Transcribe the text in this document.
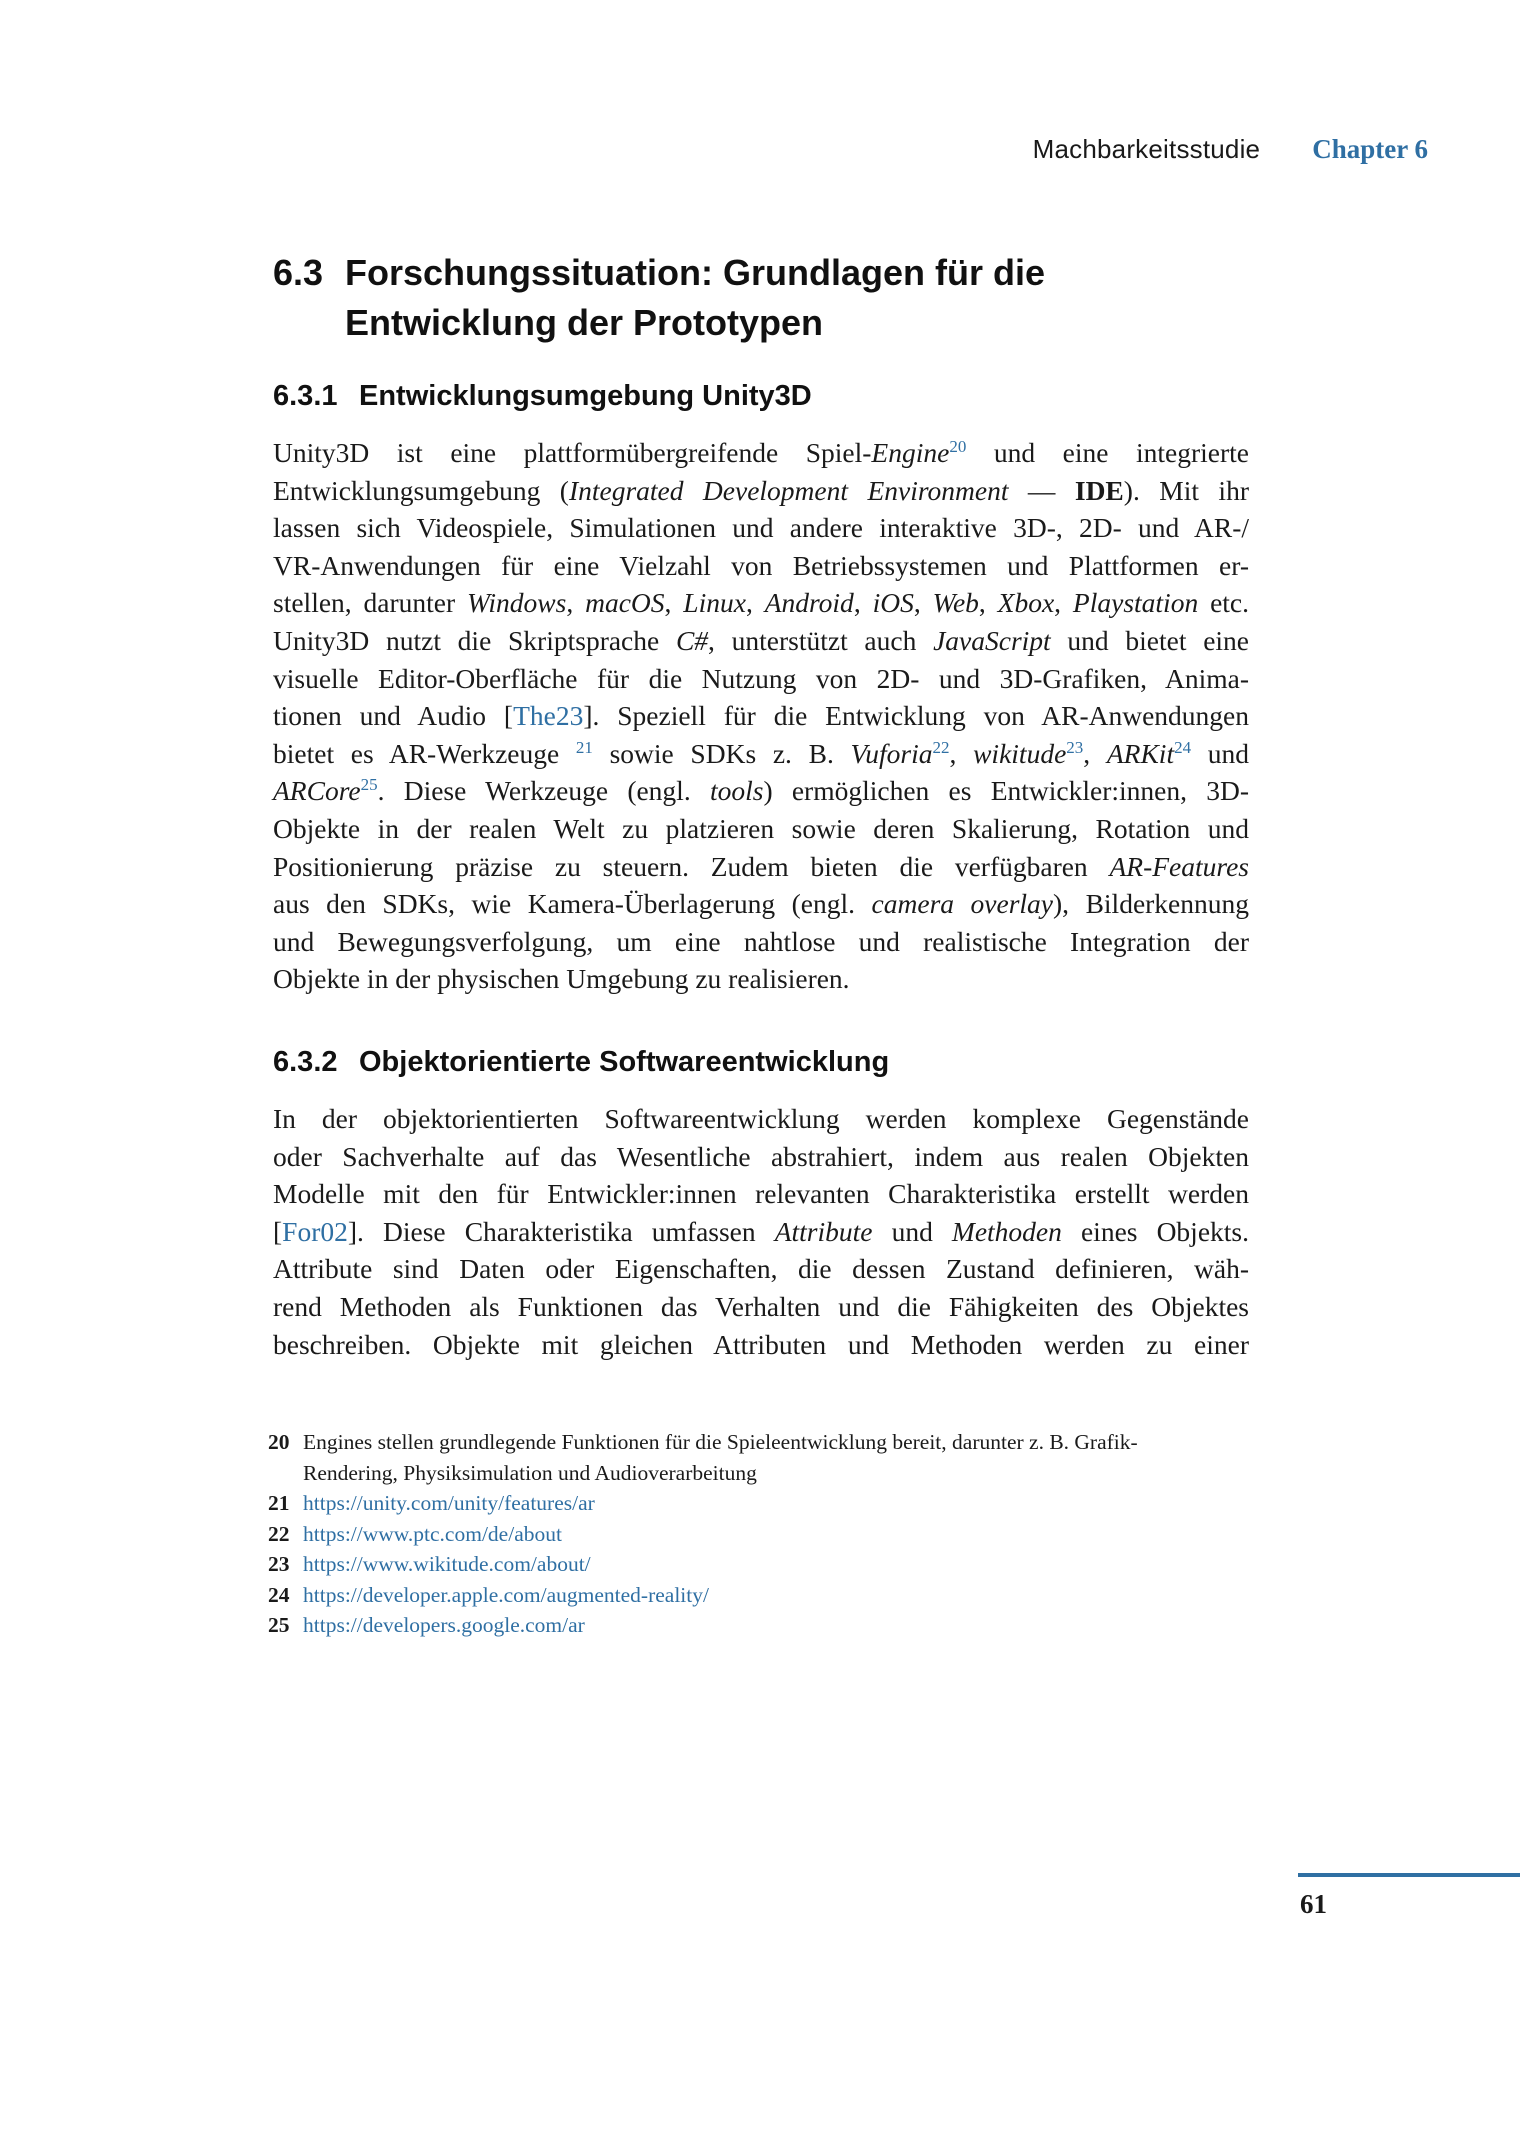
Machbarkeitsstudie Chapter 6
6.3 Forschungssituation: Grundlagen für die
Entwicklung der Prototypen
6.3.1 Entwicklungsumgebung Unity3D
Unity3D ist eine plattformübergreifende Spiel-Engine$^{20}$ und eine integrierte
Entwicklungsumgebung (Integrated Development Environment — IDE). Mit ihr
lassen sich Videospiele, Simulationen und andere interaktive 3D-, 2D- und AR-/
VR-Anwendungen für eine Vielzahl von Betriebssystemen und Plattformen er-
stellen, darunter Windows, macOS, Linux, Android, iOS, Web, Xbox, Playstation etc.
Unity3D nutzt die Skriptsprache C#, unterstützt auch JavaScript und bietet eine
visuelle Editor-Oberfläche für die Nutzung von 2D- und 3D-Grafiken, Anima-
tionen und Audio [The23]. Speziell für die Entwicklung von AR-Anwendungen
bietet es AR-Werkzeuge $^{21}$ sowie SDKs z. B. Vuforia$^{22}$, wikitude$^{23}$, ARKit$^{24}$ und
ARCore$^{25}$. Diese Werkzeuge (engl. tools) ermöglichen es Entwickler:innen, 3D-
Objekte in der realen Welt zu platzieren sowie deren Skalierung, Rotation und
Positionierung präzise zu steuern. Zudem bieten die verfügbaren AR-Features
aus den SDKs, wie Kamera-Überlagerung (engl. camera overlay), Bilderkennung
und Bewegungsverfolgung, um eine nahtlose und realistische Integration der
Objekte in der physischen Umgebung zu realisieren.
6.3.2 Objektorientierte Softwareentwicklung
In der objektorientierten Softwareentwicklung werden komplexe Gegenstände
oder Sachverhalte auf das Wesentliche abstrahiert, indem aus realen Objekten
Modelle mit den für Entwickler:innen relevanten Charakteristika erstellt werden
[For02]. Diese Charakteristika umfassen Attribute und Methoden eines Objekts.
Attribute sind Daten oder Eigenschaften, die dessen Zustand definieren, wäh-
rend Methoden als Funktionen das Verhalten und die Fähigkeiten des Objektes
beschreiben. Objekte mit gleichen Attributen und Methoden werden zu einer
20 Engines stellen grundlegende Funktionen für die Spieleentwicklung bereit, darunter z. B. Grafik-
Rendering, Physiksimulation und Audioverarbeitung
21 https://unity.com/unity/features/ar
22 https://www.ptc.com/de/about
23 https://www.wikitude.com/about/
24 https://developer.apple.com/augmented-reality/
25 https://developers.google.com/ar
61
